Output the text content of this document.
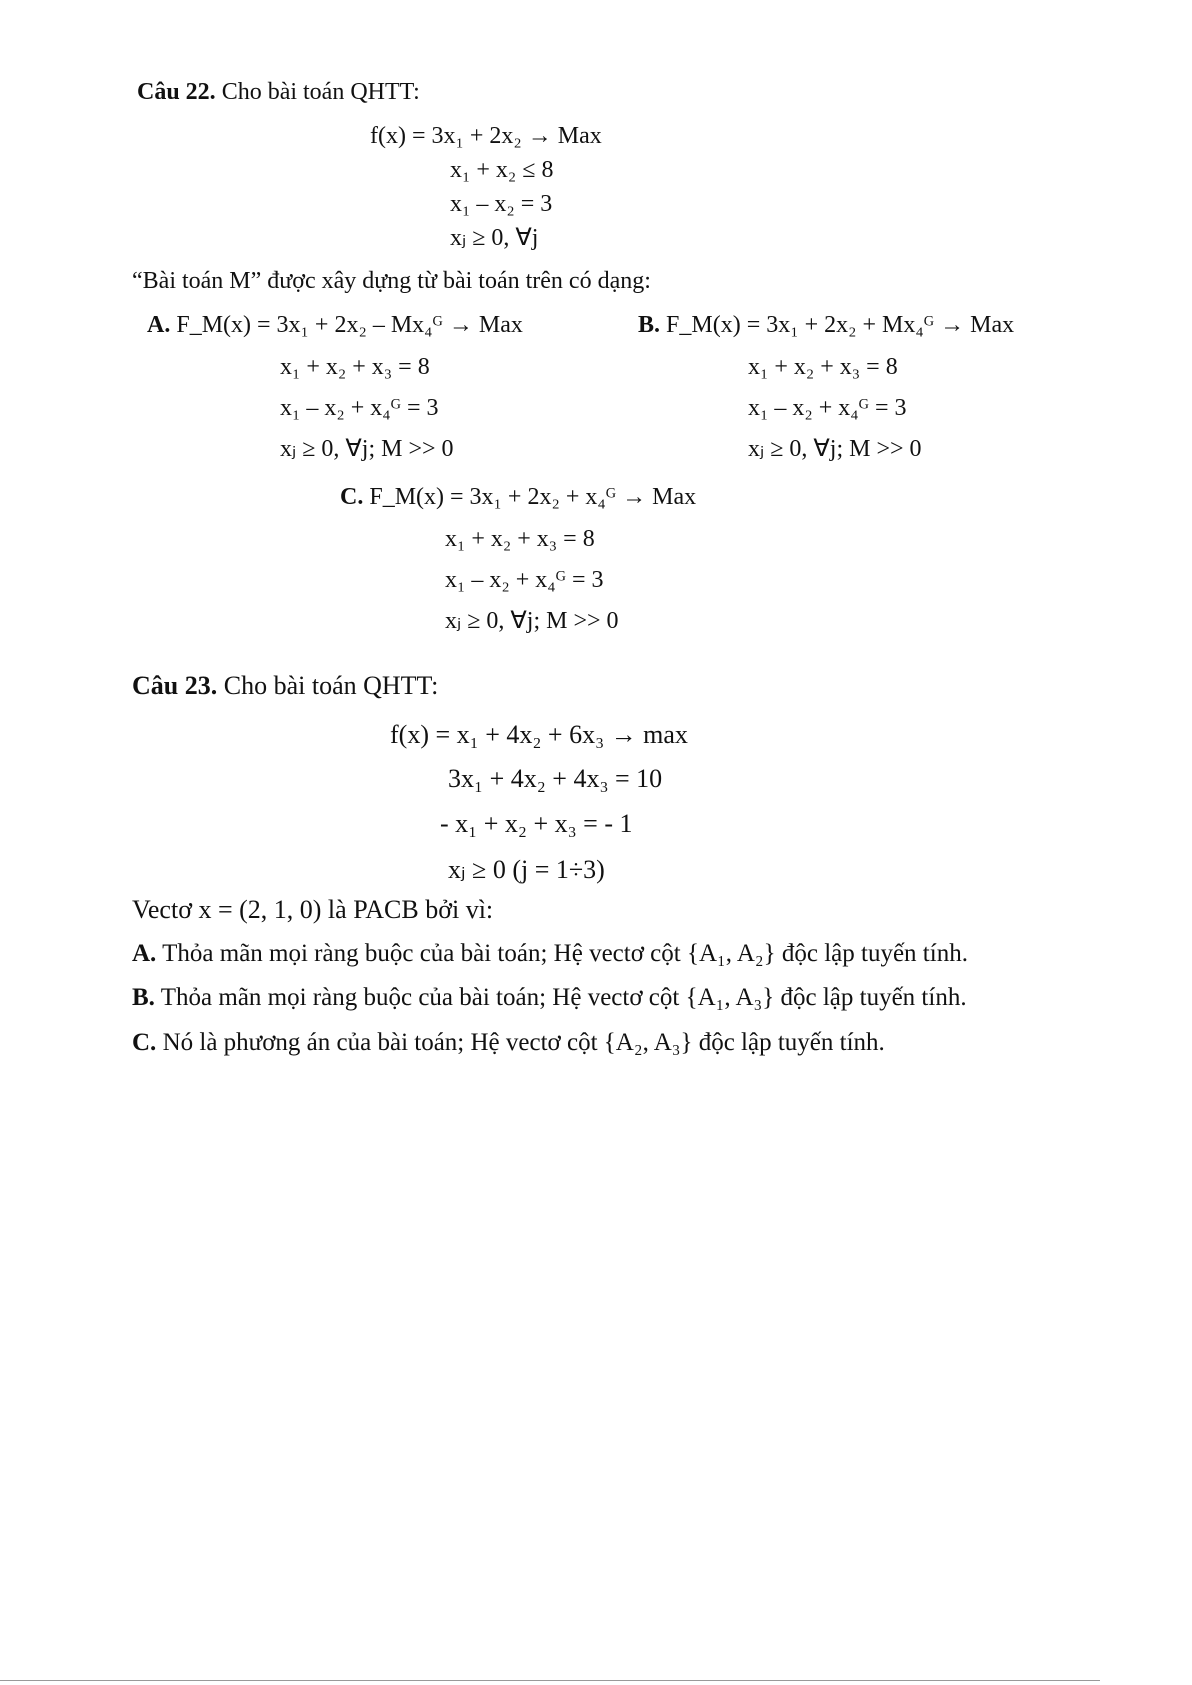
Câu 22. Cho bài toán QHTT:
f(x) = 3x₁ + 2x₂ → Max
x₁ + x₂ ≤ 8
x₁ – x₂ = 3
xⱼ ≥ 0, ∀j
“Bài toán M” được xây dựng từ bài toán trên có dạng:
A. F_M(x) = 3x₁ + 2x₂ – Mx₄ᴳ → Max
x₁ + x₂ + x₃ = 8
x₁ – x₂ + x₄ᴳ = 3
xⱼ ≥ 0, ∀j; M >> 0
B. F_M(x) = 3x₁ + 2x₂ + Mx₄ᴳ → Max
x₁ + x₂ + x₃ = 8
x₁ – x₂ + x₄ᴳ = 3
xⱼ ≥ 0, ∀j; M >> 0
C. F_M(x) = 3x₁ + 2x₂ + x₄ᴳ → Max
x₁ + x₂ + x₃ = 8
x₁ – x₂ + x₄ᴳ = 3
xⱼ ≥ 0, ∀j; M >> 0
Câu 23. Cho bài toán QHTT:
f(x) = x₁ + 4x₂ + 6x₃ → max
3x₁ + 4x₂ + 4x₃ = 10
- x₁ + x₂ + x₃ = - 1
xⱼ ≥ 0 (j = 1÷3)
Vectơ x = (2, 1, 0) là PACB bởi vì:
A. Thỏa mãn mọi ràng buộc của bài toán; Hệ vectơ cột {A₁, A₂} độc lập tuyến tính.
B. Thỏa mãn mọi ràng buộc của bài toán; Hệ vectơ cột {A₁, A₃} độc lập tuyến tính.
C. Nó là phương án của bài toán; Hệ vectơ cột {A₂, A₃} độc lập tuyến tính.
